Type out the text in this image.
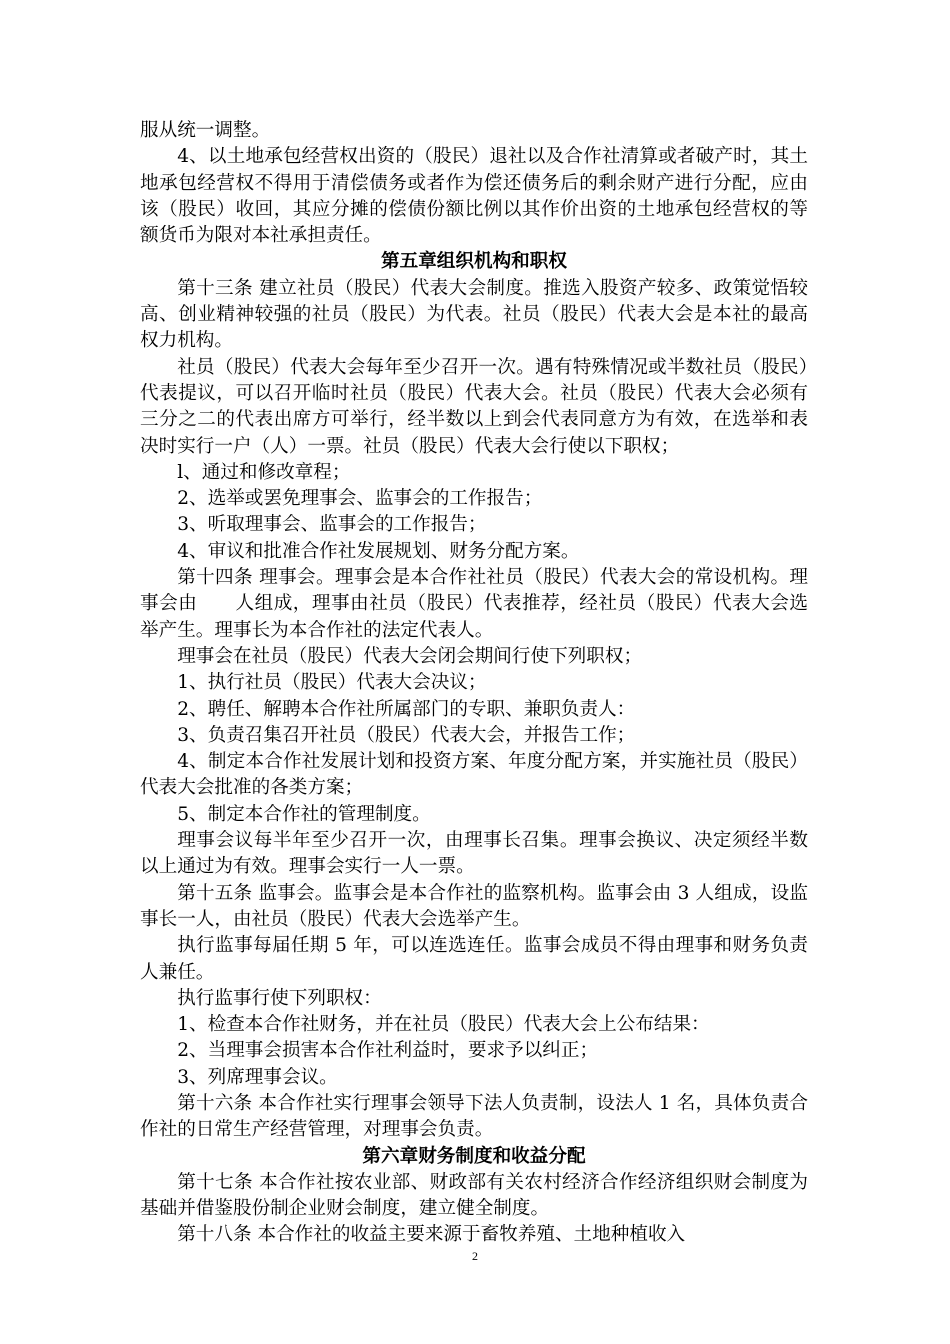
服从统一调整。

4、以土地承包经营权出资的（股民）退社以及合作社清算或者破产时，其土地承包经营权不得用于清偿债务或者作为偿还债务后的剩余财产进行分配，应由该（股民）收回，其应分摊的偿债份额比例以其作价出资的土地承包经营权的等额货币为限对本社承担责任。

第五章组织机构和职权

第十三条 建立社员（股民）代表大会制度。推选入股资产较多、政策觉悟较高、创业精神较强的社员（股民）为代表。社员（股民）代表大会是本社的最高权力机构。

社员（股民）代表大会每年至少召开一次。遇有特殊情况或半数社员（股民）代表提议，可以召开临时社员（股民）代表大会。社员（股民）代表大会必须有三分之二的代表出席方可举行，经半数以上到会代表同意方为有效，在选举和表决时实行一户（人）一票。社员（股民）代表大会行使以下职权；

l、通过和修改章程；

2、选举或罢免理事会、监事会的工作报告；

3、听取理事会、监事会的工作报告；

4、审议和批准合作社发展规划、财务分配方案。

第十四条 理事会。理事会是本合作社社员（股民）代表大会的常设机构。理事会由　　人组成，理事由社员（股民）代表推荐，经社员（股民）代表大会选举产生。理事长为本合作社的法定代表人。

理事会在社员（股民）代表大会闭会期间行使下列职权；

1、执行社员（股民）代表大会决议；

2、聘任、解聘本合作社所属部门的专职、兼职负责人：

3、负责召集召开社员（股民）代表大会，并报告工作；

4、制定本合作社发展计划和投资方案、年度分配方案，并实施社员（股民）代表大会批准的各类方案；

5、制定本合作社的管理制度。

理事会议每半年至少召开一次，由理事长召集。理事会换议、决定须经半数以上通过为有效。理事会实行一人一票。

第十五条 监事会。监事会是本合作社的监察机构。监事会由 3 人组成，设监事长一人，由社员（股民）代表大会选举产生。

执行监事每届任期 5 年，可以连选连任。监事会成员不得由理事和财务负责人兼任。

执行监事行使下列职权：

1、检查本合作社财务，并在社员（股民）代表大会上公布结果：

2、当理事会损害本合作社利益时，要求予以纠正；

3、列席理事会议。

第十六条 本合作社实行理事会领导下法人负责制，设法人 1 名，具体负责合作社的日常生产经营管理，对理事会负责。

第六章财务制度和收益分配

第十七条 本合作社按农业部、财政部有关农村经济合作经济组织财会制度为基础并借鉴股份制企业财会制度，建立健全制度。

第十八条 本合作社的收益主要来源于畜牧养殖、土地种植收入

2
